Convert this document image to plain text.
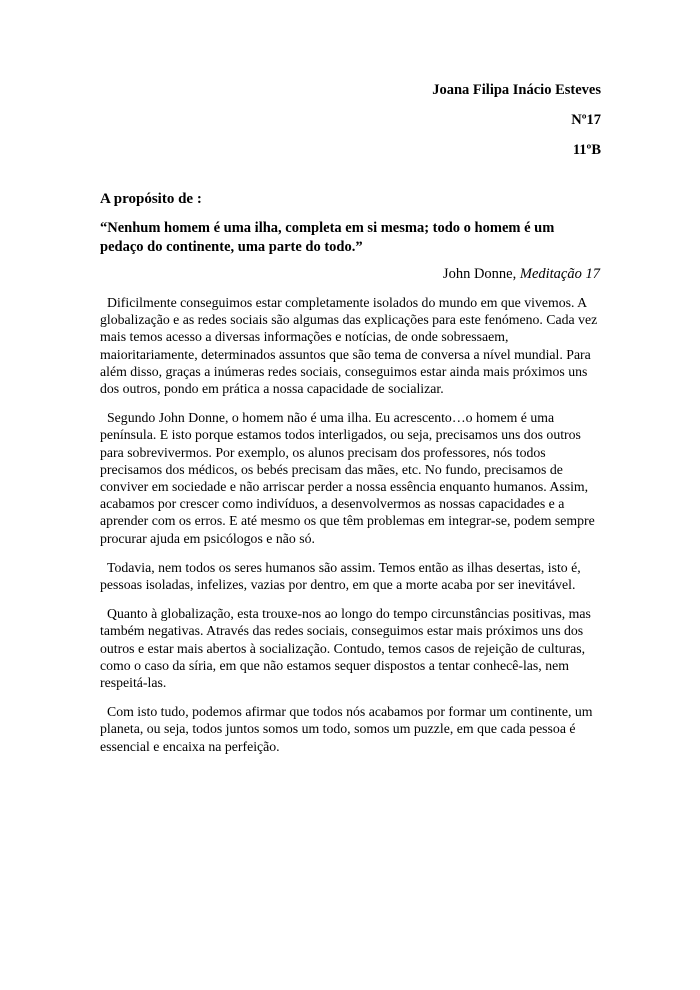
Joana Filipa Inácio Esteves
Nº17
11ºB
A propósito de :
“Nenhum homem é uma ilha, completa em si mesma; todo o homem é um pedaço do continente, uma parte do todo.”
John Donne, Meditação 17

Dificilmente conseguimos estar completamente isolados do mundo em que vivemos. A globalização e as redes sociais são algumas das explicações para este fenómeno. Cada vez mais temos acesso a diversas informações e notícias, de onde sobressaem, maioritariamente, determinados assuntos que são tema de conversa a nível mundial. Para além disso, graças a inúmeras redes sociais, conseguimos estar ainda mais próximos uns dos outros, pondo em prática a nossa capacidade de socializar.

Segundo John Donne, o homem não é uma ilha. Eu acrescento…o homem é uma península. E isto porque estamos todos interligados, ou seja, precisamos uns dos outros para sobrevivermos. Por exemplo, os alunos precisam dos professores, nós todos precisamos dos médicos, os bebés precisam das mães, etc. No fundo, precisamos de conviver em sociedade e não arriscar perder a nossa essência enquanto humanos. Assim, acabamos por crescer como indivíduos, a desenvolvermos as nossas capacidades e a aprender com os erros. E até mesmo os que têm problemas em integrar-se, podem sempre procurar ajuda em psicólogos e não só.

Todavia, nem todos os seres humanos são assim. Temos então as ilhas desertas, isto é, pessoas isoladas, infelizes, vazias por dentro, em que a morte acaba por ser inevitável.

Quanto à globalização, esta trouxe-nos ao longo do tempo circunstâncias positivas, mas também negativas. Através das redes sociais, conseguimos estar mais próximos uns dos outros e estar mais abertos à socialização. Contudo, temos casos de rejeição de culturas, como o caso da síria, em que não estamos sequer dispostos a tentar conhecê-las, nem respeitá-las.

Com isto tudo, podemos afirmar que todos nós acabamos por formar um continente, um planeta, ou seja, todos juntos somos um todo, somos um puzzle, em que cada pessoa é essencial e encaixa na perfeição.
